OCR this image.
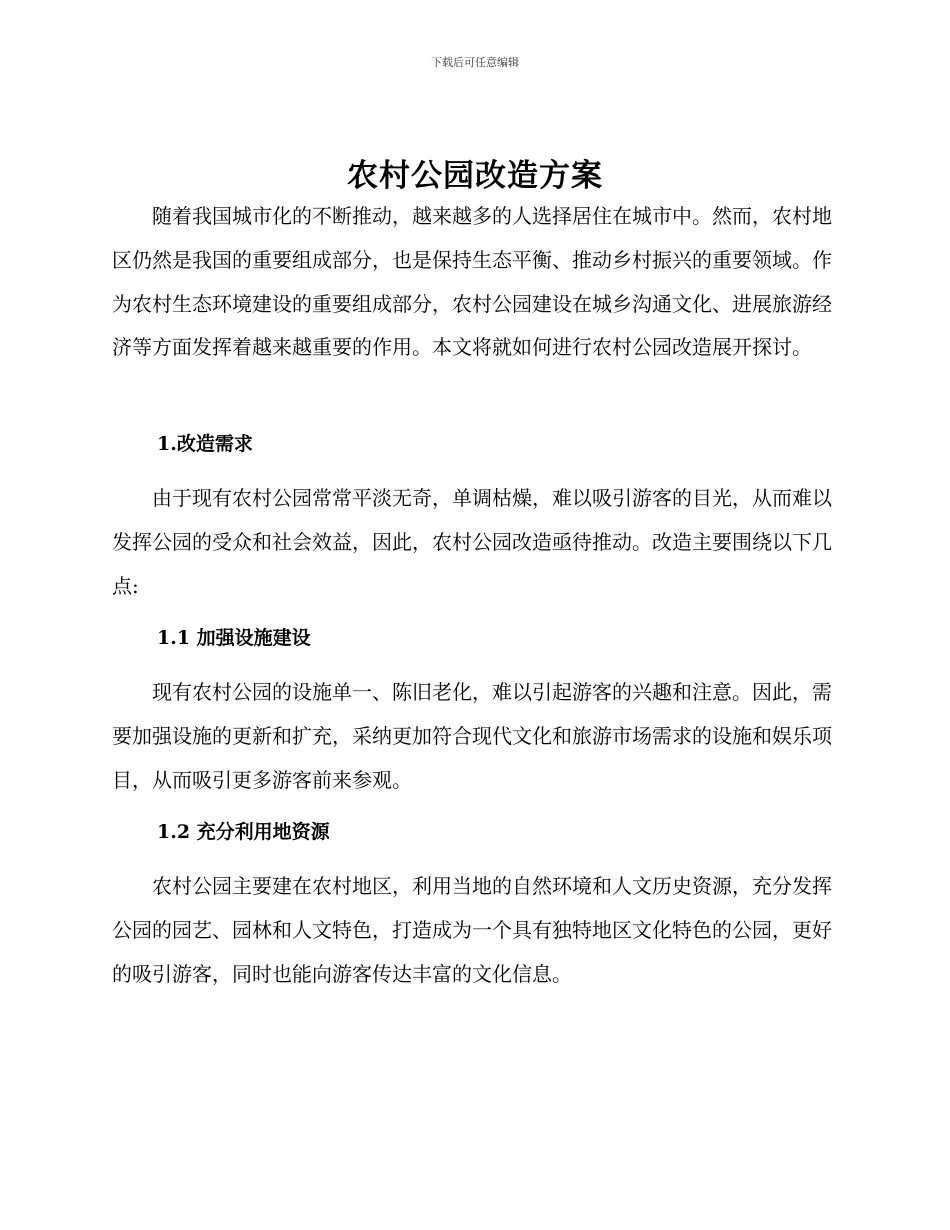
下载后可任意编辑
农村公园改造方案

随着我国城市化的不断推动，越来越多的人选择居住在城市中。然而，农村地区仍然是我国的重要组成部分，也是保持生态平衡、推动乡村振兴的重要领域。作为农村生态环境建设的重要组成部分，农村公园建设在城乡沟通文化、进展旅游经济等方面发挥着越来越重要的作用。本文将就如何进行农村公园改造展开探讨。

1.改造需求

由于现有农村公园常常平淡无奇，单调枯燥，难以吸引游客的目光，从而难以发挥公园的受众和社会效益，因此，农村公园改造亟待推动。改造主要围绕以下几点:

1.1 加强设施建设

现有农村公园的设施单一、陈旧老化，难以引起游客的兴趣和注意。因此，需要加强设施的更新和扩充，采纳更加符合现代文化和旅游市场需求的设施和娱乐项目，从而吸引更多游客前来参观。

1.2 充分利用地资源

农村公园主要建在农村地区，利用当地的自然环境和人文历史资源，充分发挥公园的园艺、园林和人文特色，打造成为一个具有独特地区文化特色的公园，更好的吸引游客，同时也能向游客传达丰富的文化信息。
